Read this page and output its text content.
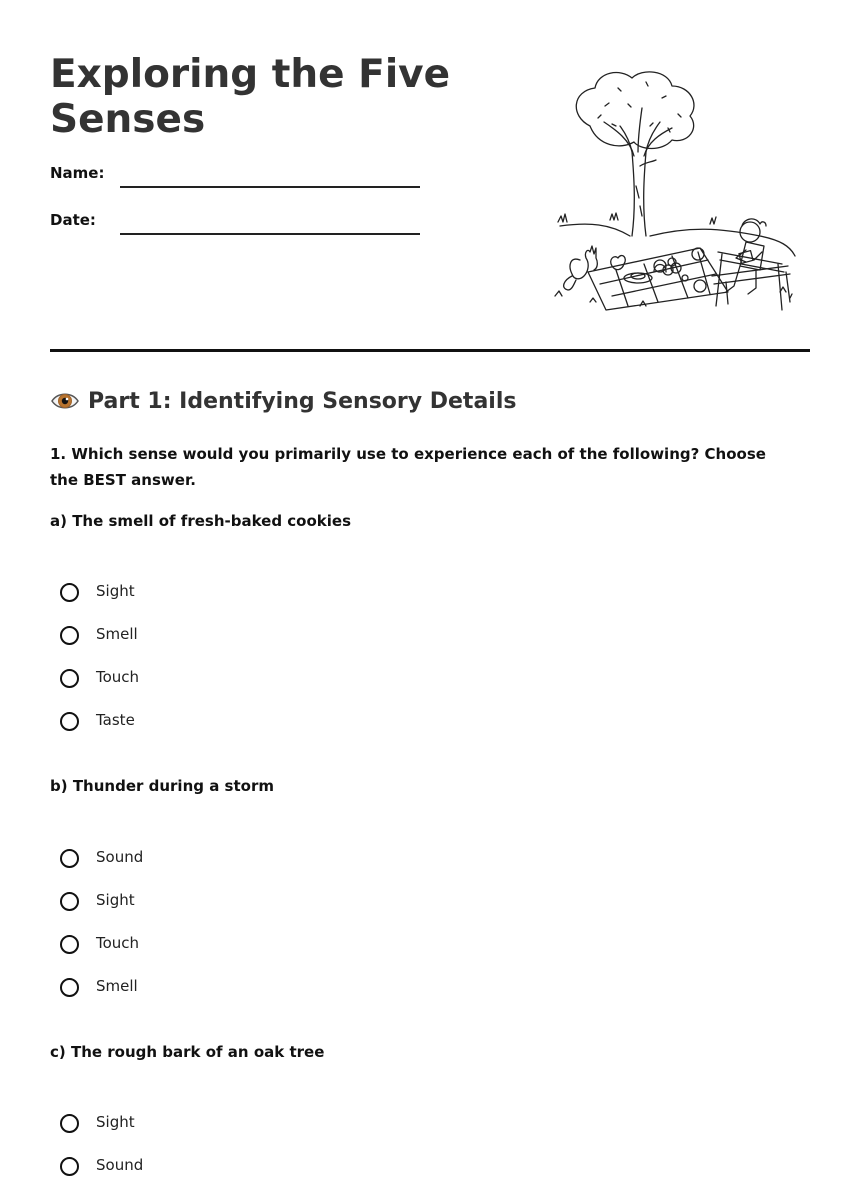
Exploring the Five Senses
Name:
Date:
Part 1: Identifying Sensory Details

1. Which sense would you primarily use to experience each of the following? Choose the BEST answer.

a) The smell of fresh-baked cookies

Sight
Smell
Touch
Taste

b) Thunder during a storm

Sound
Sight
Touch
Smell

c) The rough bark of an oak tree

Sight
Sound
